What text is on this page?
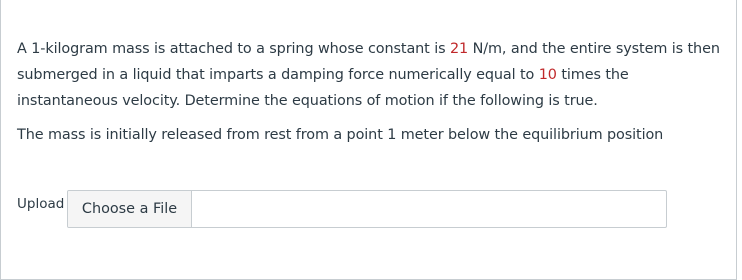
A 1-kilogram mass is attached to a spring whose constant is 21 N/m, and the entire system is then submerged in a liquid that imparts a damping force numerically equal to 10 times the instantaneous velocity. Determine the equations of motion if the following is true.

The mass is initially released from rest from a point 1 meter below the equilibrium position

Upload	Choose a File
